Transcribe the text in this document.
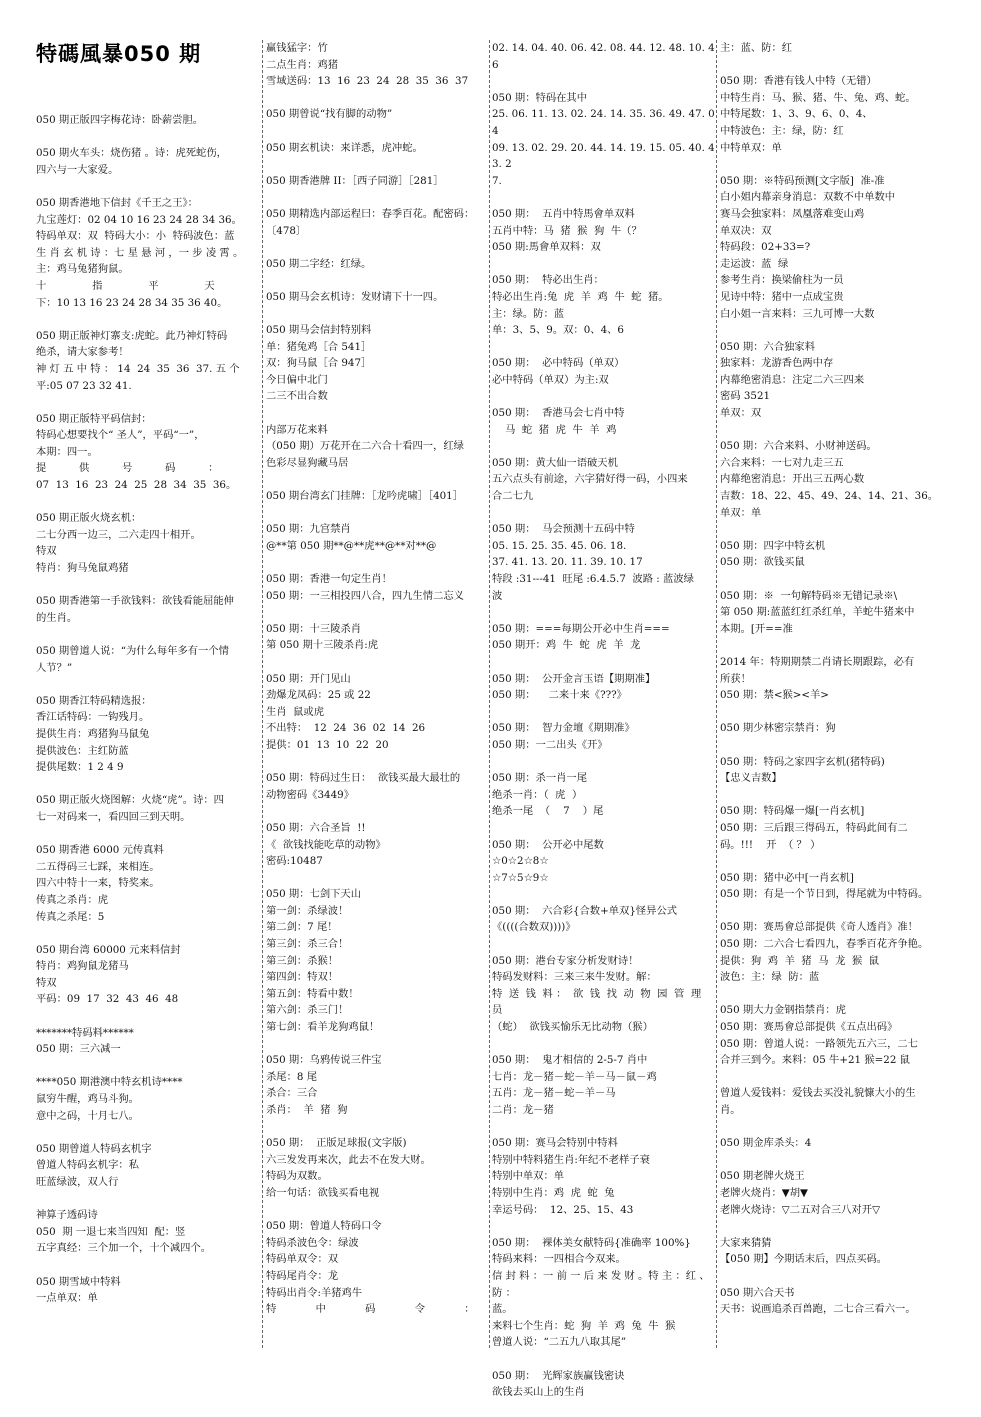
特碼風暴050 期
050 期正版四字梅花诗：卧薪尝胆。
050 期火车头：烧伤猪 。诗：虎死蛇伤，
四六与一大家爱。
050 期香港地下信封《千王之王》：
九宝莲灯：02 04 10 16 23 24 28 34 36。
特码单双：双  特码大小：小  特码波色：蓝
生 肖 玄 机 诗 ：七 星 悬 河 ，一 步 凌 霄 。
主：鸡马兔猪狗鼠。
十              指              平              天
下：10 13 16 23 24 28 34 35 36 40。
050 期正版神灯寨支:虎蛇。此乃神灯特码
绝杀，请大家参考！
神 灯 五 中 特 ： 14  24  35  36  37. 五 个
平:05 07 23 32 41.
050 期正版特平码信封：
特码心想要找个“ 圣人”，平码“一”，
本期：四一。
提          供          号          码          ：
07  13  16  23  24  25  28  34  35  36。
050 期正版火烧玄机：
二七分西一边三，二六走四十相开。
特双
特肖：狗马兔鼠鸡猪
050 期香港第一手欲钱料：欲钱看能屈能伸
的生肖。
050 期曾道人说：“为什么每年多有一个情
人节？”
050 期香江特码精选报：
香江话特码：一钩残月。
提供生肖：鸡猪狗马鼠兔
提供波色：主红防蓝
提供尾数：1 2 4 9
050 期正版火烧图解：火烧“虎”。诗：四
七一对码来一，看四回三到天明。
050 期香港 6000 元传真料
二五得码三七踩，来相连。
四六中特十一来，特奖来。
传真之杀肖：虎
传真之杀尾：5
050 期台湾 60000 元来料信封
特肖：鸡狗鼠龙猪马
特双
平码：09  17  32  43  46  48
*******特码料******
050 期：三六减一
****050 期港澳中特玄机诗****
鼠穷牛醒，鸡马斗狗。
意中之码，十月七八。
050 期曾道人特码玄机字
曾道人特码玄机字：私
旺蓝绿波，双人行
神算子透码诗
050  期 一退七来当四知  配：竖
五字真经：三个加一个，十个减四个。
050 期雪域中特料
一点单双：单
赢钱猛字：竹
二点生肖：鸡猪
雪域送码：13  16  23  24  28  35  36  37
050 期曾说“找有脚的动物”
050 期玄机诀：来详悉，虎冲蛇。
050 期香港牌 II：［西子同游］［281］
050 期精选内部运程曰：春季百花。配密码：
〔478〕
050 期二字经：红绿。
050 期马会玄机诗：发财请下十一四。
050 期马会信封特别料
单：猪兔鸡［合 541］
双：狗马鼠［合 947］
今日偏中北门
二三不出合数
内部万花来料
（050 期）万花开在二六合十看四一，红绿
色彩尽显狗藏马居
050 期台湾玄门挂牌：［龙吟虎啸］［401］
050 期：九宫禁肖
@**第 050 期**@**虎**@**对**@
050 期：香港一句定生肖！
050 期：一三相投四八合，四九生情二忘义
050 期：十三陵杀肖
第 050 期十三陵杀肖:虎
050 期：开门见山
劲爆龙凤码：25 或 22
生肖  鼠或虎
不出特：  12  24  36  02  14  26
提供：01  13  10  22  20
050 期：特码过生日：  欲钱买最大最壮的
动物密码《3449》
050 期：六合圣旨  !!
《  欲钱找能吃草的动物》
密码:10487
050 期：七剑下天山
第一剑：杀绿波！
第二剑：7 尾！
第三剑：杀三合！
第三剑：杀猴！
第四剑：特双！
第五剑：特看中数！
第六剑：杀三门！
第七剑：看羊龙狗鸡鼠！
050 期：乌鸦传说三件宝
杀尾：8 尾
杀合：三合
杀肖：  羊  猪  狗
050 期：  正版足球报(文字版)
六三发发再来次，此去不在发大财。
特码为双数。
给一句话：欲钱买看电视
050 期：曾道人特码口令
特码杀波色令：绿波
特码单双令：双
特码尾肖令：龙
特码出肖令:羊猪鸡牛
特            中            码            令            ：
02. 14. 04. 40. 06. 42. 08. 44. 12. 48. 10. 46
050 期：特码在其中
25. 06. 11. 13. 02. 24. 14. 35. 36. 49. 47. 04
09. 13. 02. 29. 20. 44. 14. 19. 15. 05. 40. 43. 2
7.
050 期：  五肖中特馬會单双料
五肖中特：马  猪  猴  狗  牛（？
050 期:馬會单双料：双
050 期：  特必出生肖：
特必出生肖:兔  虎  羊  鸡  牛  蛇  猪。
主：绿。防：蓝
单：3、5、9。双：0、4、6
050 期：  必中特码（单双）
必中特码（单双）为主:双
050 期：  香港马会七肖中特
马  蛇  猪  虎  牛  羊  鸡
050 期：黄大仙一语破天机
五六点头有前途，六字猜好得一码，小四来
合二七九
050 期：  马会预测十五码中特
05. 15. 25. 35. 45. 06. 18.
37. 41. 13. 20. 11. 39. 10. 17
特段 :31---41  旺尾 :6.4.5.7  波路 : 蓝波绿
波
050 期：===每期公开必中生肖===
050 期开：鸡  牛  蛇  虎  羊  龙
050 期：  公开金言玉语【期期准】
050 期：    二来十来《???》
050 期：  智力金壇《期期准》
050 期：一二出头《开》
050 期：杀一肖一尾
绝杀一肖：（  虎  ）
绝杀一尾  （    7    ）尾
050 期：  公开必中尾数
☆0☆2☆8☆
☆7☆5☆9☆
050 期：  六合彩{合数+单双}怪异公式
《((((合数双))))》
050 期：港台专家分析发财诗！
特码发财料：三来三来牛发财。解：
特  送  钱  料 ：  欲  钱  找  动  物  园  管  理  员
（蛇）  欲钱买愉乐无比动物（猴）
050 期：  鬼才相信的 2-5-7 肖中
七肖：龙－猪－蛇－羊－马－鼠－鸡
五肖：龙－猪－蛇－羊－马
二肖：龙－猪
050 期：赛马会特别中特料
特别中特料猪生肖:年纪不老样子衰
特别中单双：单
特别中生肖：鸡  虎  蛇  兔
幸运号码：  12、25、15、43
050 期：  裸体美女献特码{准确率 100%}
特码来料：一四相合今双来。
信 封 料 ：一 前 一 后 来 发 财 。特 主 ：红 、防 ：
蓝。
来料七个生肖：蛇  狗  羊  鸡  兔  牛  猴
曾道人说：“二五九八取其尾”
050 期：  光辉家族赢钱密诀
欲钱去买山上的生肖
主：蓝、防：红
050 期：香港有钱人中特（无错）
中特生肖：马、猴、猪、牛、兔、鸡、蛇。
中特尾数：1、3、9、6、0、4、
中特波色：主：绿，防：红
中特单双：单
050 期：※特码预测[文字版]  准-准
白小姐内幕亲身消息：双数不中单数中
赛马会独家料：凤凰落难变山鸡
单双决：双
特码段：02+33=?
走运波：蓝  绿
参考生肖：换梁偷柱为一员
见诗中特：猪中一点成宝贵
白小姐一言来料：三九可博一大数
050 期：六合独家料
独家料：龙游香色两中存
内幕绝密消息：注定二六三四来
密码 3521
单双：双
050 期：六合来料、小财神送码。
六合来料：一七对九走三五
内幕绝密消息：开出三五两心数
吉数：18、22、45、49、24、14、21、36。
单双：单
050 期：四字中特玄机
050 期：欲钱买鼠
050 期：※  一句解特码※无错记录※\
第 050 期:蓝蓝红红杀红单，羊蛇牛猪来中
本期。[开==准
2014 年：特期期禁二肖请长期跟踪，必有
所获！
050 期：禁<猴><羊>
050 期少林密宗禁肖：狗
050 期：特码之家四字玄机(猪特码)
【忠义吉数】
050 期：特码爆一爆[一肖玄机]
050 期：三后跟三得码五，特码此间有二
码。!!!    开  （ ？ ）
050 期：猪中必中[一肖玄机]
050 期：有是一个节日到，得尾就为中特码。
050 期：赛馬會总部提供《奇人透肖》准！
050 期：二六合七看四九，春季百花齐争艳。
提供：狗  鸡  羊  猪  马  龙  猴  鼠
波色：主：绿  防：蓝
050 期大力金钢指禁肖：虎
050 期：赛馬會总部提供《五点出码》
050 期：曾道人说：一路领先五六三，二七
合并三到今。来料：05 牛+21 猴=22 鼠
曾道人爱钱料：爱钱去买没礼貌慷大小的生
肖。
050 期金库杀头：4
050 期老牌火烧王
老牌火烧肖：▼胡▼
老牌火烧诗：▽二五对合三八对开▽
大家来猜猜
【050 期】今期话末后，四点买码。
050 期六合天书
天书：说画追杀百兽跑，二七合三看六一。
